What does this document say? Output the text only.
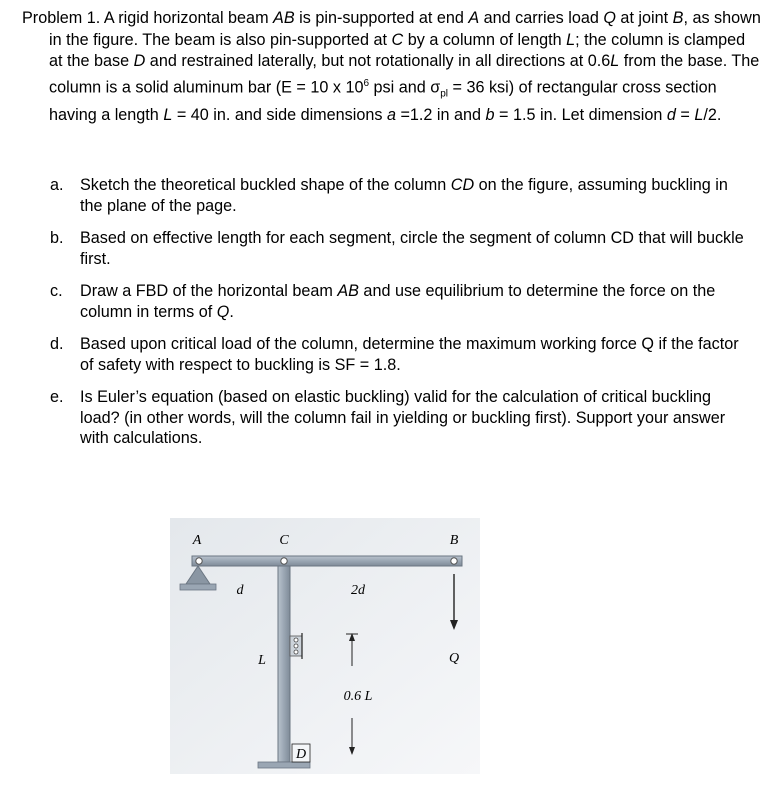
Problem 1. A rigid horizontal beam AB is pin-supported at end A and carries load Q at joint B, as shown in the figure. The beam is also pin-supported at C by a column of length L; the column is clamped at the base D and restrained laterally, but not rotationally in all directions at 0.6L from the base. The column is a solid aluminum bar (E = 10 x $10^6$ psi and $\sigma_{pl} = 36$ ksi) of rectangular cross section having a length L = 40 in. and side dimensions a =1.2 in and b = 1.5 in. Let dimension d = L/2.
a. Sketch the theoretical buckled shape of the column CD on the figure, assuming buckling in the plane of the page.
b. Based on effective length for each segment, circle the segment of column CD that will buckle first.
c. Draw a FBD of the horizontal beam AB and use equilibrium to determine the force on the column in terms of Q.
d. Based upon critical load of the column, determine the maximum working force Q if the factor of safety with respect to buckling is SF = 1.8.
e. Is Euler’s equation (based on elastic buckling) valid for the calculation of critical buckling load? (in other words, will the column fail in yielding or buckling first). Support your answer with calculations.
A	C	B
d	2d
L	Q
0.6 L
D
